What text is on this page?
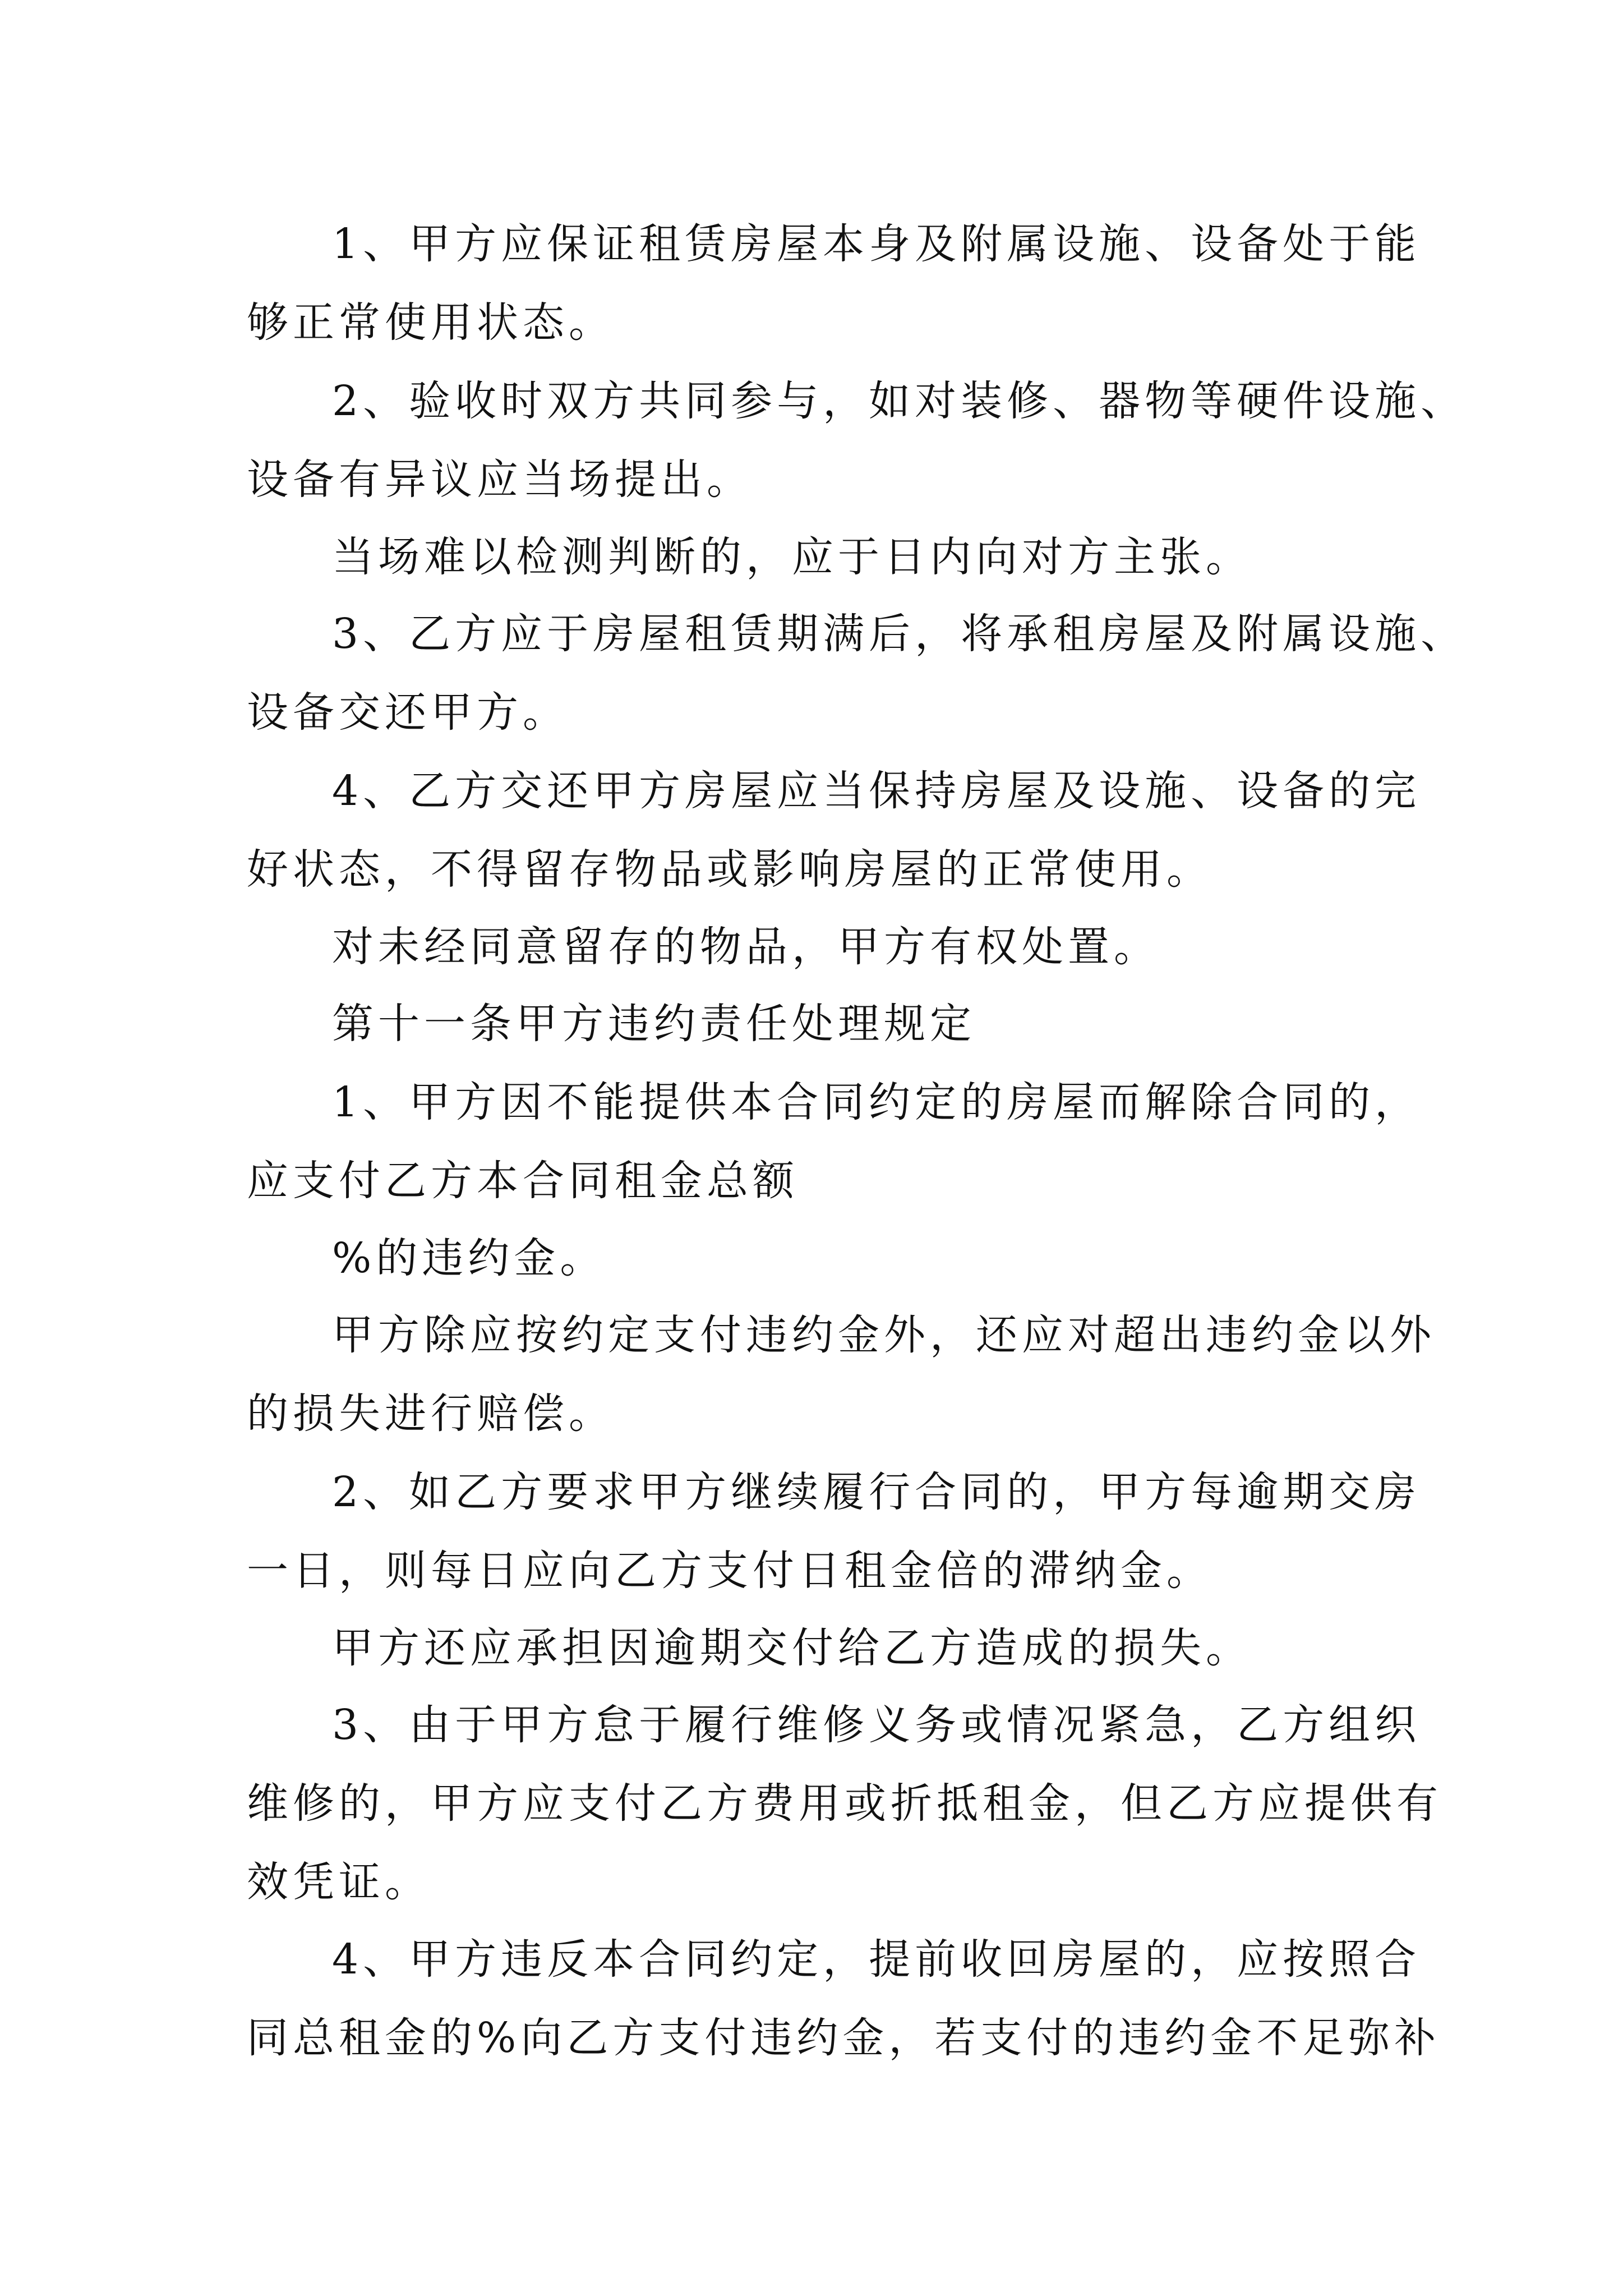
1、甲方应保证租赁房屋本身及附属设施、设备处于能
够正常使用状态。
2、验收时双方共同参与，如对装修、器物等硬件设施、
设备有异议应当场提出。
当场难以检测判断的，应于日内向对方主张。
3、乙方应于房屋租赁期满后，将承租房屋及附属设施、
设备交还甲方。
4、乙方交还甲方房屋应当保持房屋及设施、设备的完
好状态，不得留存物品或影响房屋的正常使用。
对未经同意留存的物品，甲方有权处置。
第十一条甲方违约责任处理规定
1、甲方因不能提供本合同约定的房屋而解除合同的，
应支付乙方本合同租金总额
%的违约金。
甲方除应按约定支付违约金外，还应对超出违约金以外
的损失进行赔偿。
2、如乙方要求甲方继续履行合同的，甲方每逾期交房
一日，则每日应向乙方支付日租金倍的滞纳金。
甲方还应承担因逾期交付给乙方造成的损失。
3、由于甲方怠于履行维修义务或情况紧急，乙方组织
维修的，甲方应支付乙方费用或折抵租金，但乙方应提供有
效凭证。
4、甲方违反本合同约定，提前收回房屋的，应按照合
同总租金的%向乙方支付违约金，若支付的违约金不足弥补
